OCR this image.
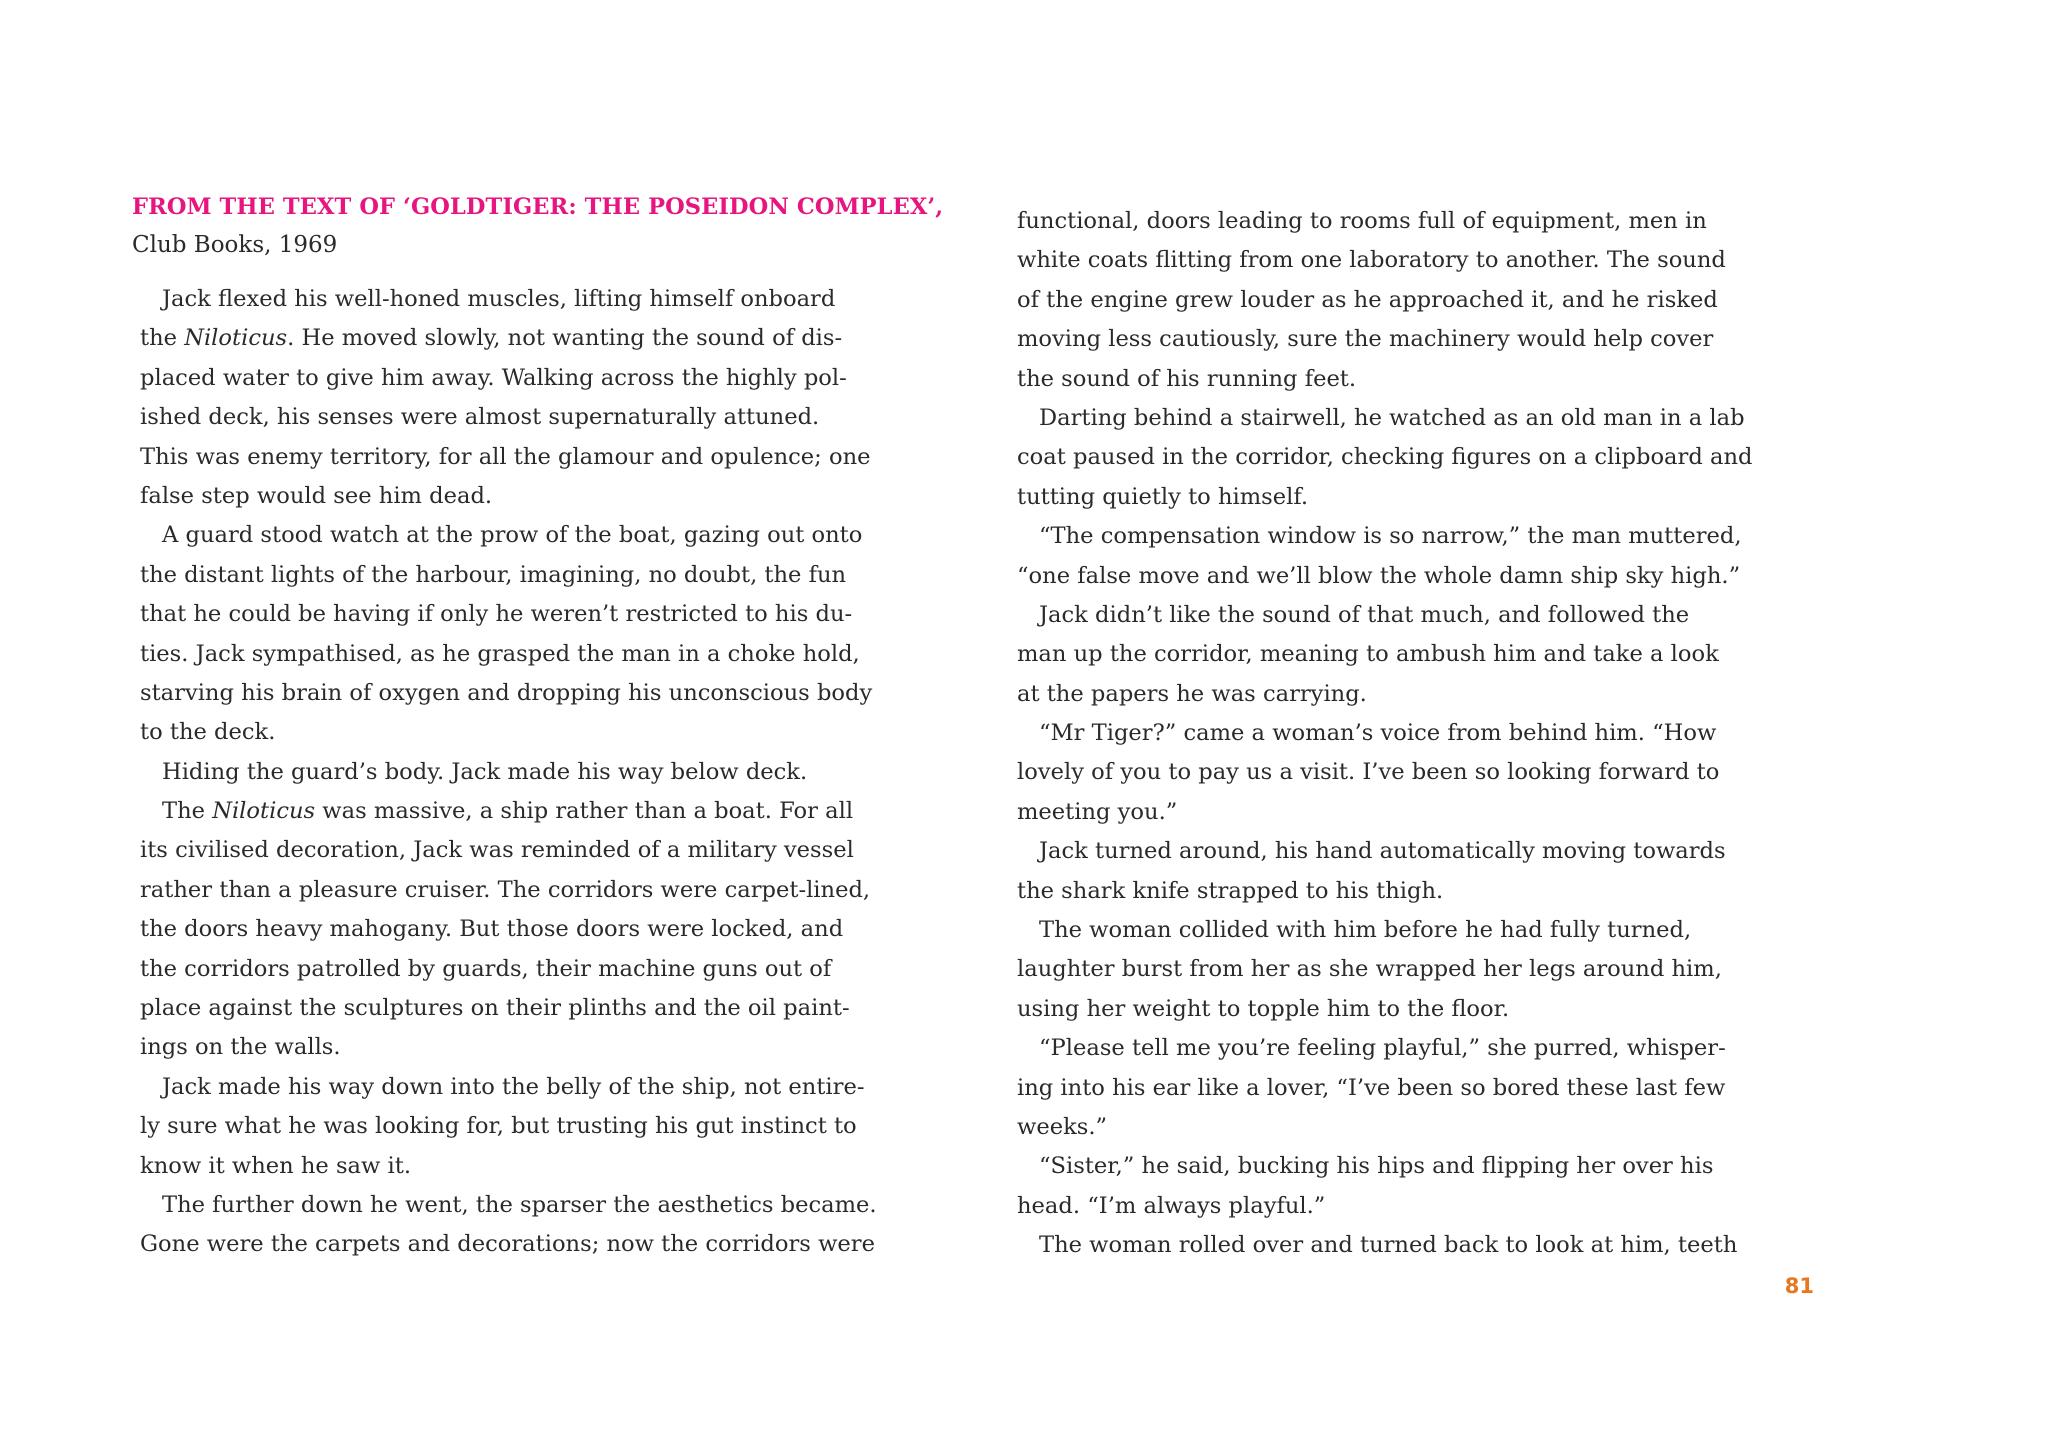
FROM THE TEXT OF ‘GOLDTIGER: THE POSEIDON COMPLEX’,
Club Books, 1969
Jack flexed his well-honed muscles, lifting himself onboard
the Niloticus. He moved slowly, not wanting the sound of dis-
placed water to give him away. Walking across the highly pol-
ished deck, his senses were almost supernaturally attuned.
This was enemy territory, for all the glamour and opulence; one
false step would see him dead.
A guard stood watch at the prow of the boat, gazing out onto
the distant lights of the harbour, imagining, no doubt, the fun
that he could be having if only he weren’t restricted to his du-
ties. Jack sympathised, as he grasped the man in a choke hold,
starving his brain of oxygen and dropping his unconscious body
to the deck.
Hiding the guard’s body. Jack made his way below deck.
The Niloticus was massive, a ship rather than a boat. For all
its civilised decoration, Jack was reminded of a military vessel
rather than a pleasure cruiser. The corridors were carpet-lined,
the doors heavy mahogany. But those doors were locked, and
the corridors patrolled by guards, their machine guns out of
place against the sculptures on their plinths and the oil paint-
ings on the walls.
Jack made his way down into the belly of the ship, not entire-
ly sure what he was looking for, but trusting his gut instinct to
know it when he saw it.
The further down he went, the sparser the aesthetics became.
Gone were the carpets and decorations; now the corridors were
functional, doors leading to rooms full of equipment, men in
white coats flitting from one laboratory to another. The sound
of the engine grew louder as he approached it, and he risked
moving less cautiously, sure the machinery would help cover
the sound of his running feet.
Darting behind a stairwell, he watched as an old man in a lab
coat paused in the corridor, checking figures on a clipboard and
tutting quietly to himself.
“The compensation window is so narrow,” the man muttered,
“one false move and we’ll blow the whole damn ship sky high.”
Jack didn’t like the sound of that much, and followed the
man up the corridor, meaning to ambush him and take a look
at the papers he was carrying.
“Mr Tiger?” came a woman’s voice from behind him. “How
lovely of you to pay us a visit. I’ve been so looking forward to
meeting you.”
Jack turned around, his hand automatically moving towards
the shark knife strapped to his thigh.
The woman collided with him before he had fully turned,
laughter burst from her as she wrapped her legs around him,
using her weight to topple him to the floor.
“Please tell me you’re feeling playful,” she purred, whisper-
ing into his ear like a lover, “I’ve been so bored these last few
weeks.”
“Sister,” he said, bucking his hips and flipping her over his
head. “I’m always playful.”
The woman rolled over and turned back to look at him, teeth
81
